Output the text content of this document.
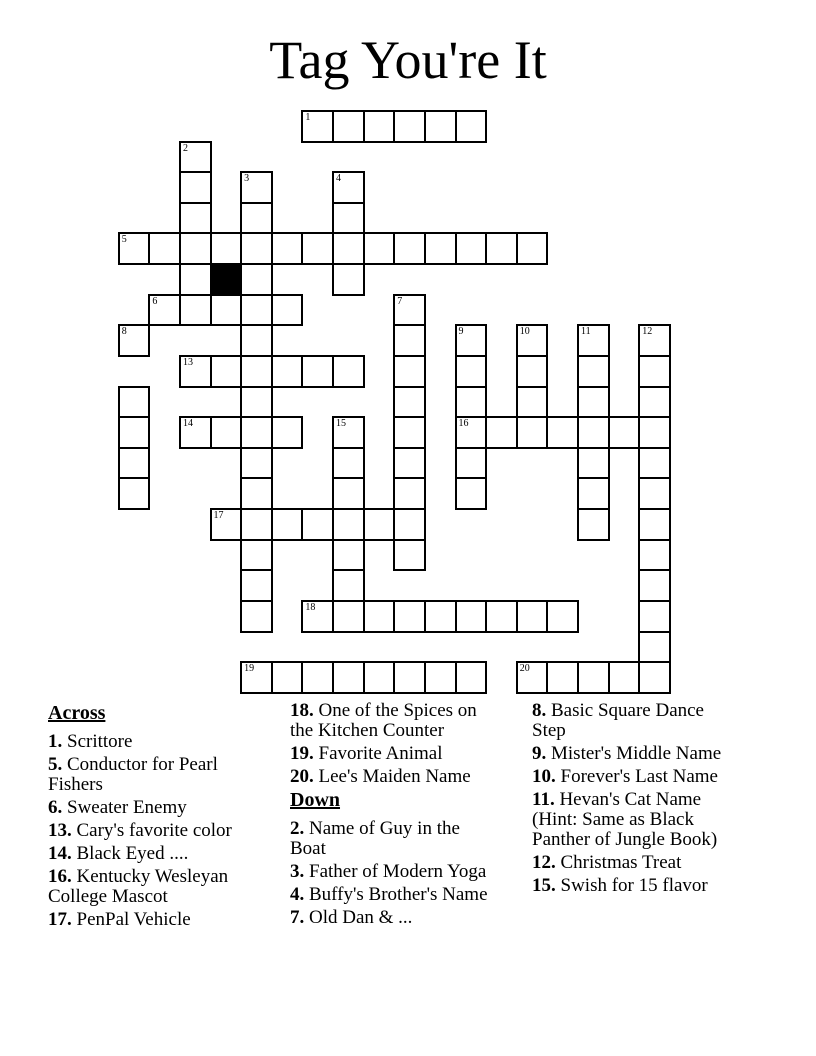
Tag You're It
1
2
3	4
5
6	7
8	9	10	11	12
13
14	15	16
17
18
19	20
Across

1. Scrittore

5. Conductor for Pearl Fishers

6. Sweater Enemy

13. Cary's favorite color

14. Black Eyed ....

16. Kentucky Wesleyan College Mascot

17. PenPal Vehicle

18. One of the Spices on the Kitchen Counter

19. Favorite Animal

20. Lee's Maiden Name

Down

2. Name of Guy in the Boat

3. Father of Modern Yoga

4. Buffy's Brother's Name

7. Old Dan & ...

8. Basic Square Dance Step

9. Mister's Middle Name

10. Forever's Last Name

11. Hevan's Cat Name (Hint: Same as Black Panther of Jungle Book)

12. Christmas Treat

15. Swish for 15 flavor
